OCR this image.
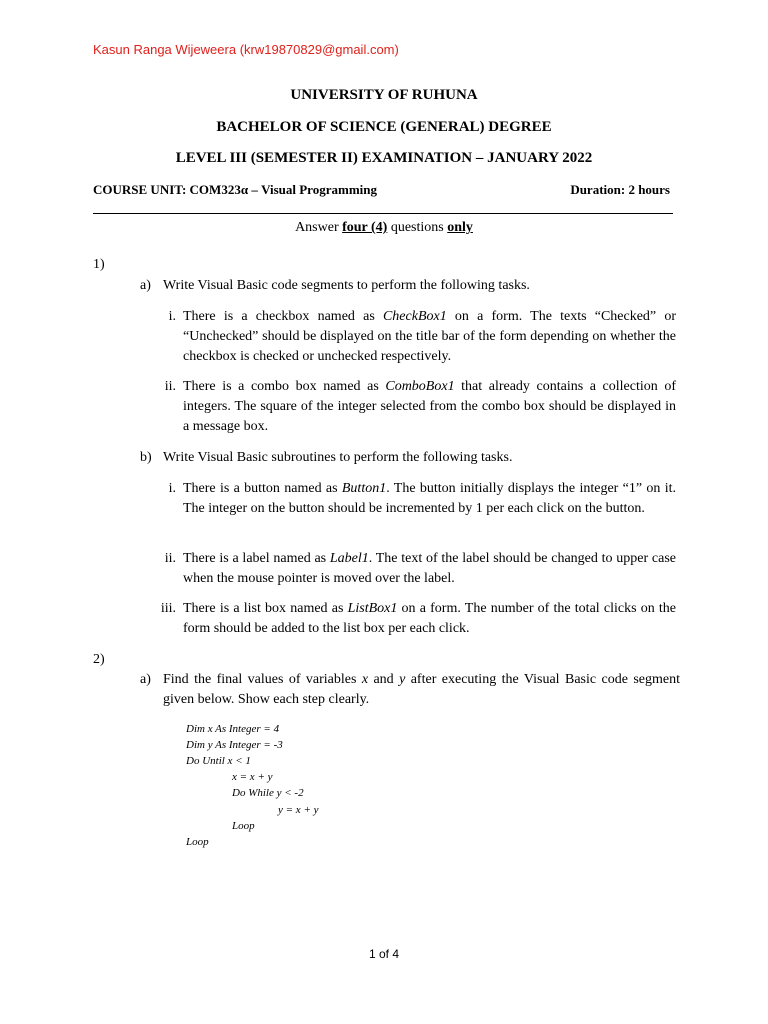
Kasun Ranga Wijeweera (krw19870829@gmail.com)
UNIVERSITY OF RUHUNA
BACHELOR OF SCIENCE (GENERAL) DEGREE
LEVEL III (SEMESTER II) EXAMINATION – JANUARY 2022
COURSE UNIT: COM323α – Visual Programming	Duration: 2 hours
Answer four (4) questions only
1)
a) Write Visual Basic code segments to perform the following tasks.
i. There is a checkbox named as CheckBox1 on a form. The texts “Checked” or “Unchecked” should be displayed on the title bar of the form depending on whether the checkbox is checked or unchecked respectively.
ii. There is a combo box named as ComboBox1 that already contains a collection of integers. The square of the integer selected from the combo box should be displayed in a message box.
b) Write Visual Basic subroutines to perform the following tasks.
i. There is a button named as Button1. The button initially displays the integer “1” on it. The integer on the button should be incremented by 1 per each click on the button.
ii. There is a label named as Label1. The text of the label should be changed to upper case when the mouse pointer is moved over the label.
iii. There is a list box named as ListBox1 on a form. The number of the total clicks on the form should be added to the list box per each click.
2)
a) Find the final values of variables x and y after executing the Visual Basic code segment given below. Show each step clearly.
Dim x As Integer = 4
Dim y As Integer = -3
Do Until x < 1
x = x + y
Do While y < -2
y = x + y
Loop
Loop
1 of 4
